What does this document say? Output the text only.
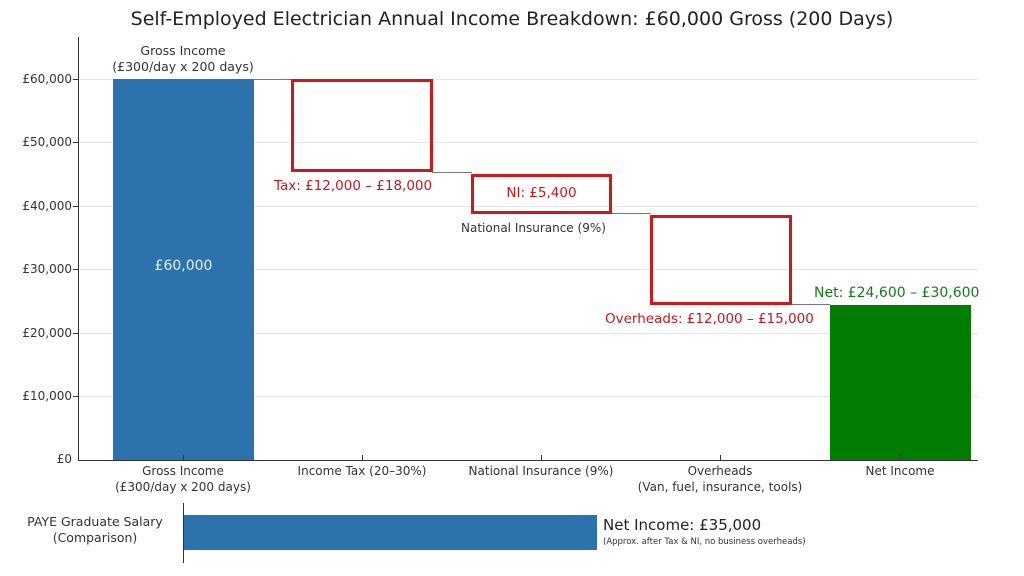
Self-Employed Electrician Annual Income Breakdown: £60,000 Gross (200 Days)
£60,000
£50,000
£40,000
£30,000
£20,000
£10,000
£0
£60,000
Gross Income
(£300/day x 200 days)
Tax: £12,000 – £18,000	NI: £5,400
National Insurance (9%)
Overheads: £12,000 – £15,000
Net: £24,600 – £30,600
Gross Income
(£300/day x 200 days)
Income Tax (20–30%)	National Insurance (9%)	Overheads
(Van, fuel, insurance, tools)
Net Income
PAYE Graduate Salary
(Comparison)
Net Income: £35,000
(Approx. after Tax & NI, no business overheads)
